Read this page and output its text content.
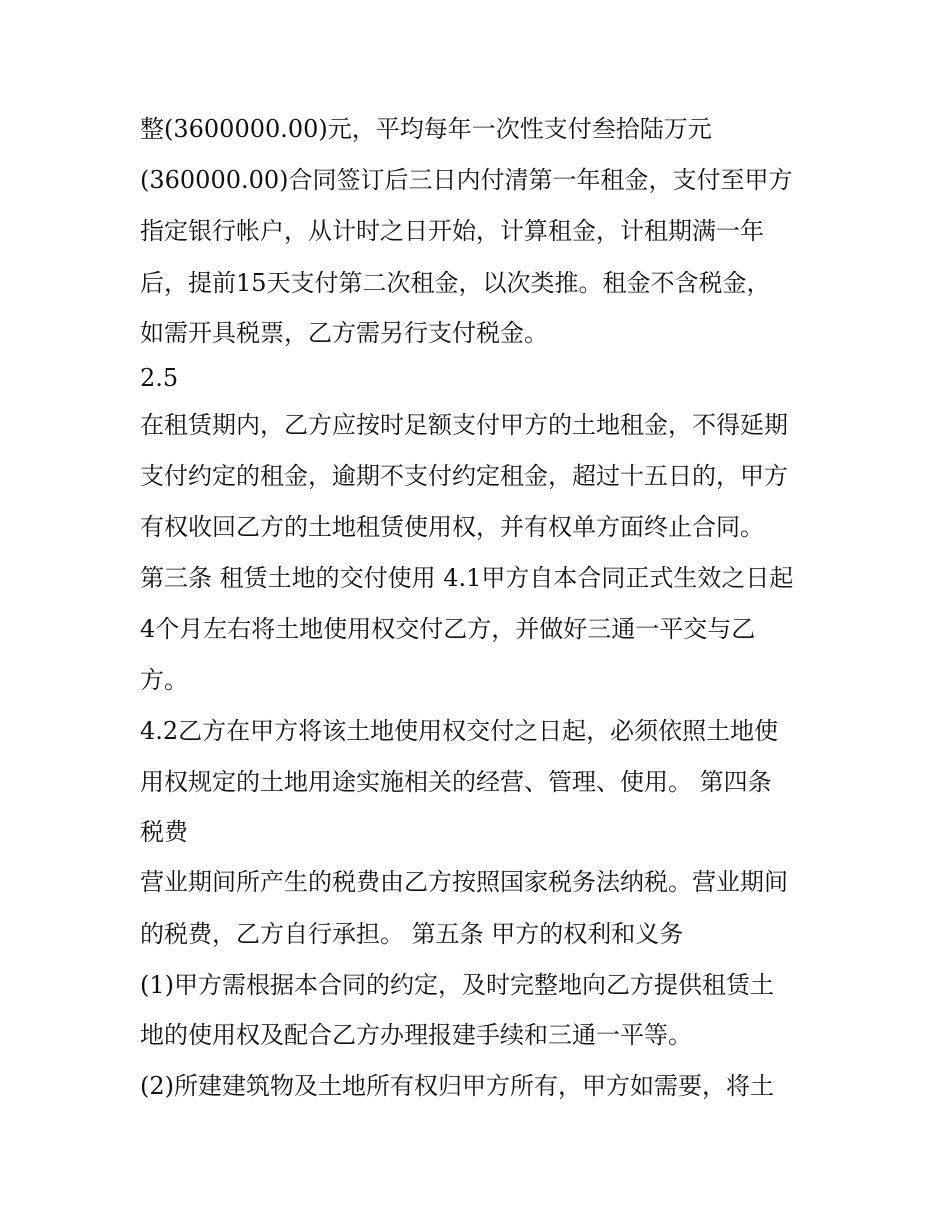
整(3600000.00)元，平均每年一次性支付叁拾陆万元
(360000.00)合同签订后三日内付清第一年租金，支付至甲方
指定银行帐户，从计时之日开始，计算租金，计租期满一年
后，提前15天支付第二次租金，以次类推。租金不含税金，
如需开具税票，乙方需另行支付税金。
2.5
在租赁期内，乙方应按时足额支付甲方的土地租金，不得延期
支付约定的租金，逾期不支付约定租金，超过十五日的，甲方
有权收回乙方的土地租赁使用权，并有权单方面终止合同。
第三条 租赁土地的交付使用 4.1甲方自本合同正式生效之日起
4个月左右将土地使用权交付乙方，并做好三通一平交与乙
方。
4.2乙方在甲方将该土地使用权交付之日起，必须依照土地使
用权规定的土地用途实施相关的经营、管理、使用。 第四条
税费
营业期间所产生的税费由乙方按照国家税务法纳税。营业期间
的税费，乙方自行承担。 第五条 甲方的权利和义务
(1)甲方需根据本合同的约定，及时完整地向乙方提供租赁土
地的使用权及配合乙方办理报建手续和三通一平等。
(2)所建建筑物及土地所有权归甲方所有，甲方如需要，将土
